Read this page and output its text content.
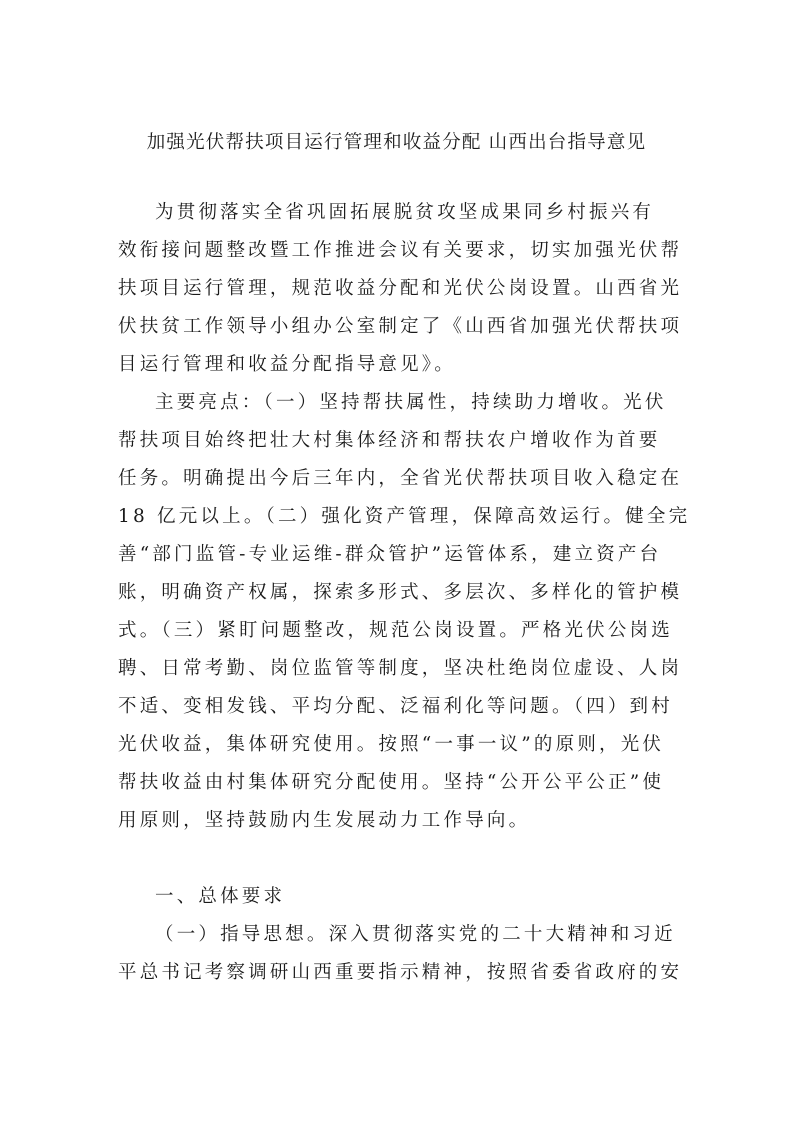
加强光伏帮扶项目运行管理和收益分配 山西出台指导意见
为贯彻落实全省巩固拓展脱贫攻坚成果同乡村振兴有
效衔接问题整改暨工作推进会议有关要求，切实加强光伏帮
扶项目运行管理，规范收益分配和光伏公岗设置。山西省光
伏扶贫工作领导小组办公室制定了《山西省加强光伏帮扶项
目运行管理和收益分配指导意见》。
主要亮点：（一）坚持帮扶属性，持续助力增收。光伏
帮扶项目始终把壮大村集体经济和帮扶农户增收作为首要
任务。明确提出今后三年内，全省光伏帮扶项目收入稳定在
18 亿元以上。（二）强化资产管理，保障高效运行。健全完
善“部门监管-专业运维-群众管护”运管体系，建立资产台
账，明确资产权属，探索多形式、多层次、多样化的管护模
式。（三）紧盯问题整改，规范公岗设置。严格光伏公岗选
聘、日常考勤、岗位监管等制度，坚决杜绝岗位虚设、人岗
不适、变相发钱、平均分配、泛福利化等问题。（四）到村
光伏收益，集体研究使用。按照“一事一议”的原则，光伏
帮扶收益由村集体研究分配使用。坚持“公开公平公正”使
用原则，坚持鼓励内生发展动力工作导向。
一、总体要求
（一）指导思想。深入贯彻落实党的二十大精神和习近
平总书记考察调研山西重要指示精神，按照省委省政府的安
